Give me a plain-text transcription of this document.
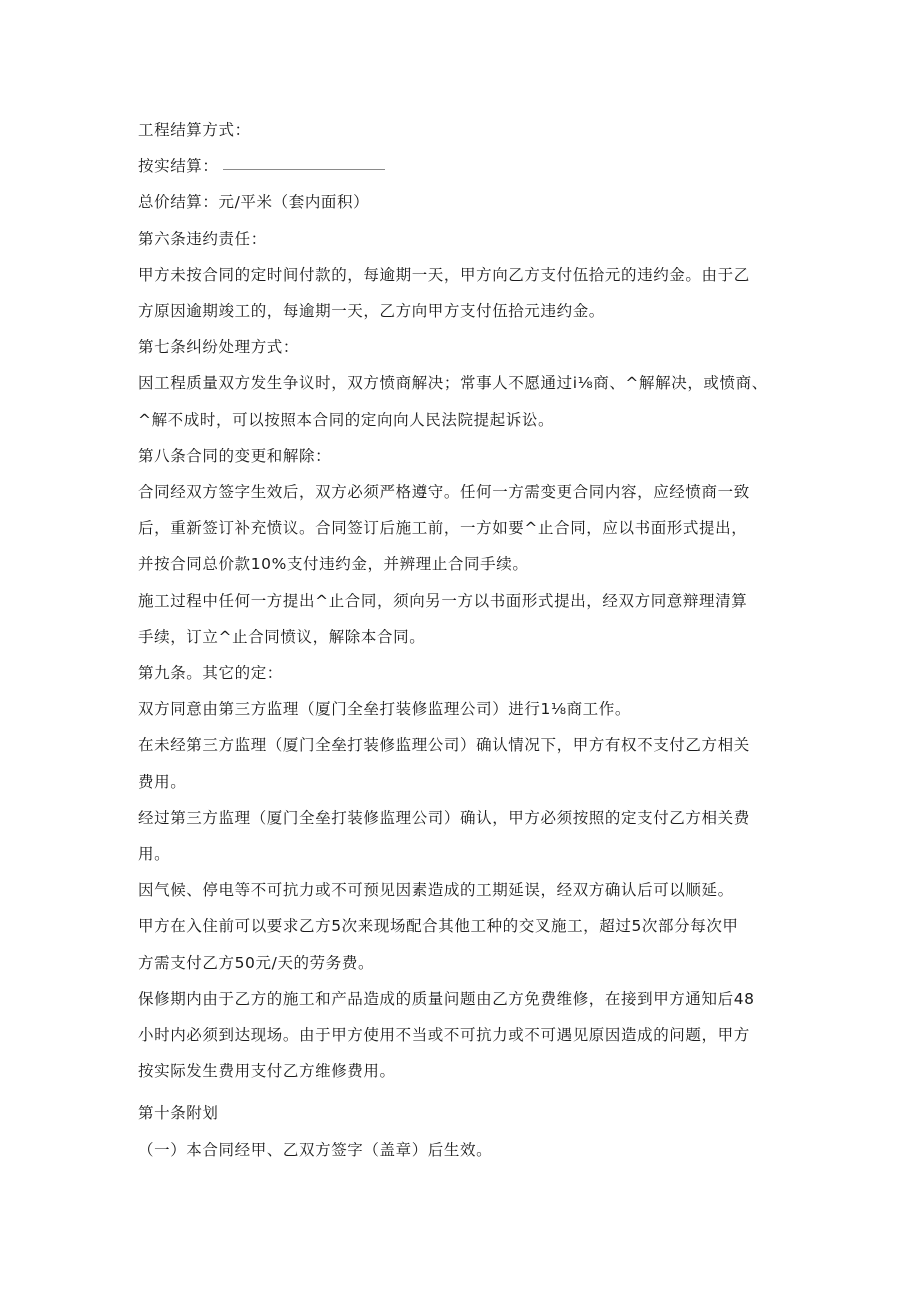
工程结算方式：
按实结算：
总价结算：元/平米（套内面积）
第六条违约责任：
甲方未按合同的定时间付款的，每逾期一天，甲方向乙方支付伍拾元的违约金。由于乙
方原因逾期竣工的，每逾期一天，乙方向甲方支付伍拾元违约金。
第七条纠纷处理方式：
因工程质量双方发生争议时，双方愤商解决；常事人不愿通过i⅛商、^解解决，或愤商、
^解不成时，可以按照本合同的定向向人民法院提起诉讼。
第八条合同的变更和解除：
合同经双方签字生效后，双方必须严格遵守。任何一方需变更合同内容，应经愤商一致
后，重新签订补充愤议。合同签订后施工前，一方如要^止合同，应以书面形式提出，
并按合同总价款10%支付违约金，并辨理止合同手续。
施工过程中任何一方提出^止合同，须向另一方以书面形式提出，经双方同意辩理清算
手续，订立^止合同愤议，解除本合同。
第九条。其它的定：
双方同意由第三方监理（厦门全垒打装修监理公司）进行1⅛商工作。
在未经第三方监理（厦门全垒打装修监理公司）确认情况下，甲方有权不支付乙方相关
费用。
经过第三方监理（厦门全垒打装修监理公司）确认，甲方必须按照的定支付乙方相关费
用。
因气候、停电等不可抗力或不可预见因素造成的工期延误，经双方确认后可以顺延。
甲方在入住前可以要求乙方5次来现场配合其他工种的交叉施工，超过5次部分每次甲
方需支付乙方50元/天的劳务费。
保修期内由于乙方的施工和产品造成的质量问题由乙方免费维修，在接到甲方通知后48
小时内必须到达现场。由于甲方使用不当或不可抗力或不可遇见原因造成的问题，甲方
按实际发生费用支付乙方维修费用。
第十条附划
（一）本合同经甲、乙双方签字（盖章）后生效。
